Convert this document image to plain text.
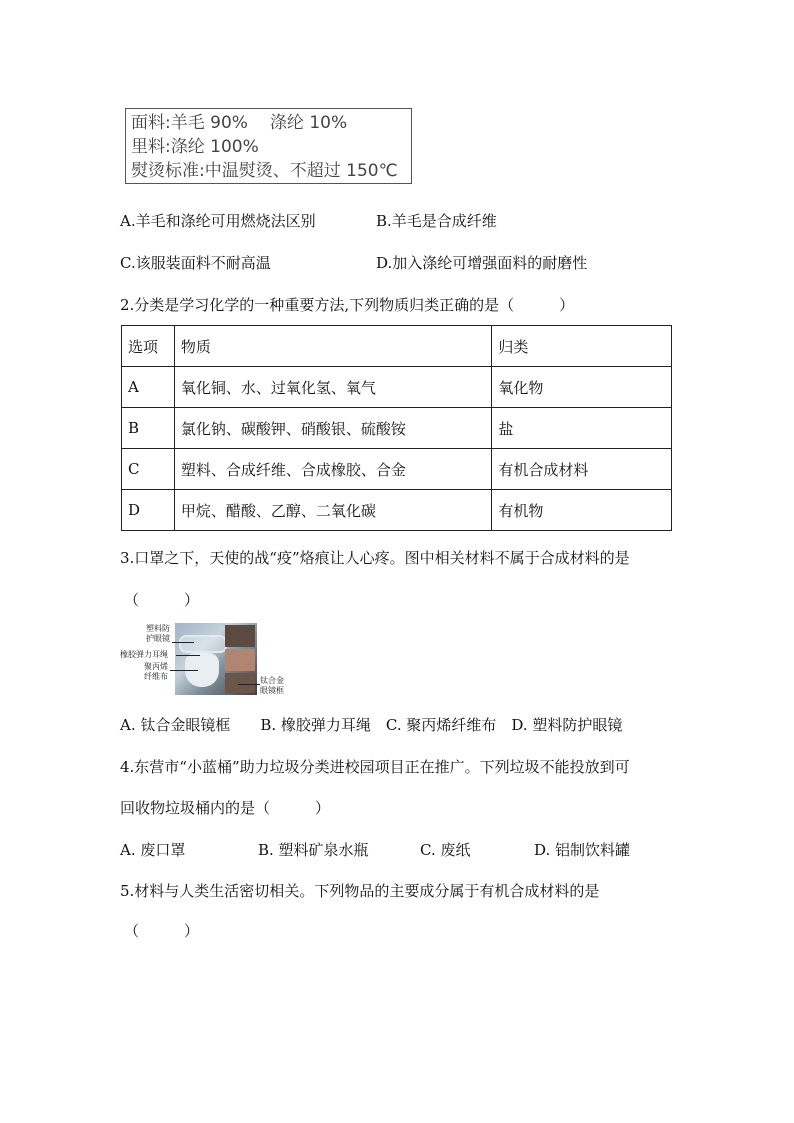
面料:羊毛 90% 涤纶 10%
里料:涤纶 100%
熨烫标准:中温熨烫、不超过 150℃
A.羊毛和涤纶可用燃烧法区别	B.羊毛是合成纤维
C.该服装面料不耐高温	D.加入涤纶可增强面料的耐磨性
2.分类是学习化学的一种重要方法,下列物质归类正确的是（　　　）
选项	物质	归类
A	氧化铜、水、过氧化氢、氧气	氧化物
B	氯化钠、碳酸钾、硝酸银、硫酸铵	盐
C	塑料、合成纤维、合成橡胶、合金	有机合成材料
D	甲烷、醋酸、乙醇、二氧化碳	有机物
3.口罩之下，天使的战“疫”烙痕让人心疼。图中相关材料不属于合成材料的是
（　　　）
塑料防
护眼镜
橡胶弹力耳绳
聚丙烯
纤维布	钛合金
眼镜框
A. 钛合金眼镜框　　B. 橡胶弹力耳绳　C. 聚丙烯纤维布　D. 塑料防护眼镜
4.东营市“小蓝桶”助力垃圾分类进校园项目正在推广。下列垃圾不能投放到可
回收物垃圾桶内的是（　　　）
A. 废口罩	B. 塑料矿泉水瓶	C. 废纸	D. 铝制饮料罐
5.材料与人类生活密切相关。下列物品的主要成分属于有机合成材料的是
（　　　）
